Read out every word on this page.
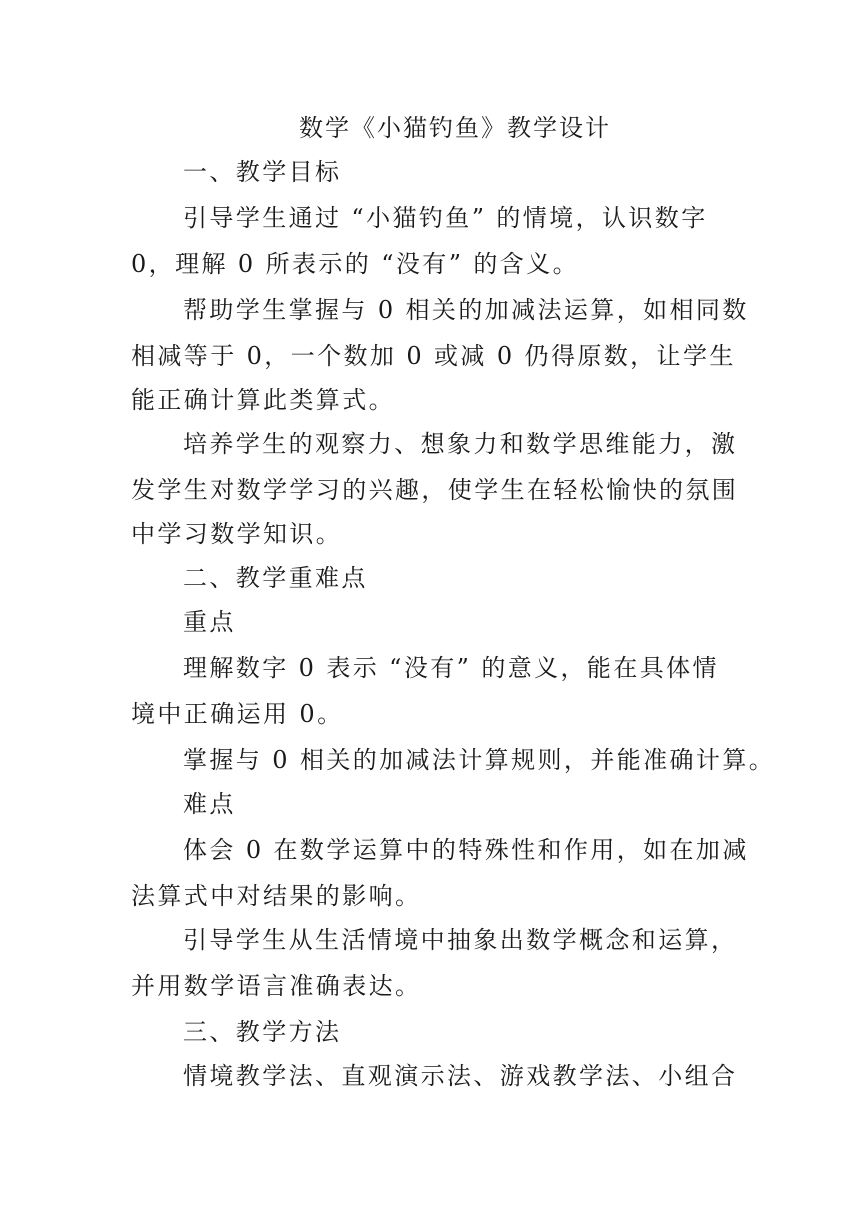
数学《小猫钓鱼》教学设计
一、教学目标
引导学生通过 “小猫钓鱼” 的情境，认识数字
0，理解 0 所表示的 “没有” 的含义。
帮助学生掌握与 0 相关的加减法运算，如相同数
相减等于 0，一个数加 0 或减 0 仍得原数，让学生
能正确计算此类算式。
培养学生的观察力、想象力和数学思维能力，激
发学生对数学学习的兴趣，使学生在轻松愉快的氛围
中学习数学知识。
二、教学重难点
重点
理解数字 0 表示 “没有” 的意义，能在具体情
境中正确运用 0。
掌握与 0 相关的加减法计算规则，并能准确计算。
难点
体会 0 在数学运算中的特殊性和作用，如在加减
法算式中对结果的影响。
引导学生从生活情境中抽象出数学概念和运算，
并用数学语言准确表达。
三、教学方法
情境教学法、直观演示法、游戏教学法、小组合
